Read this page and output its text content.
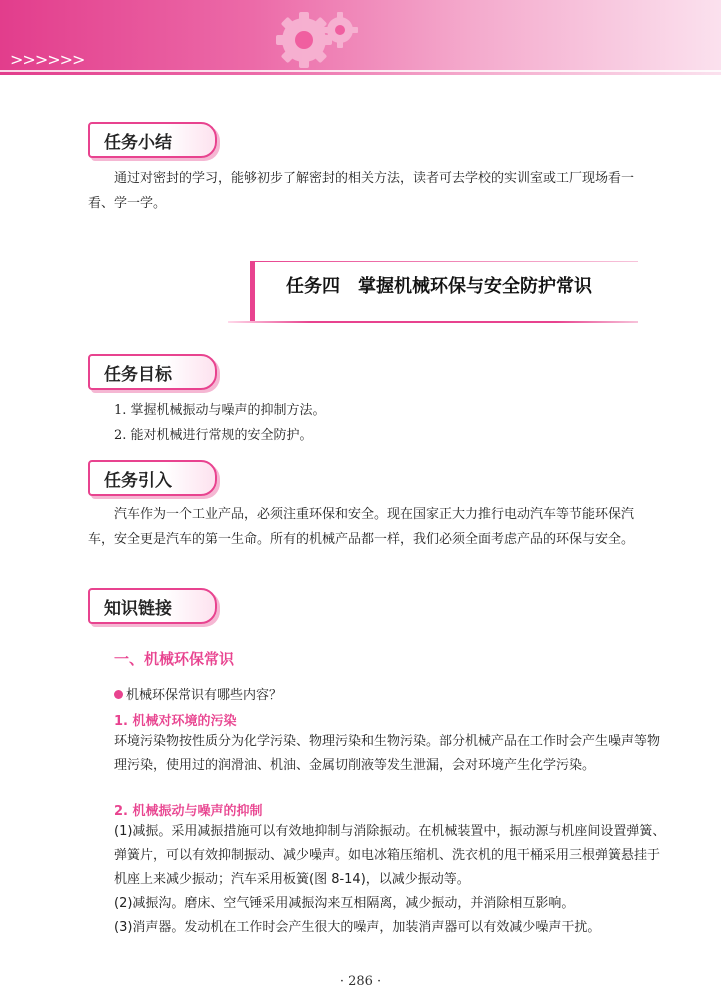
>>>>>>
任务小结

通过对密封的学习，能够初步了解密封的相关方法，读者可去学校的实训室或工厂现场看一看、学一学。

任务四　掌握机械环保与安全防护常识
任务目标

1. 掌握机械振动与噪声的抑制方法。

2. 能对机械进行常规的安全防护。

任务引入

汽车作为一个工业产品，必须注重环保和安全。现在国家正大力推行电动汽车等节能环保汽车，安全更是汽车的第一生命。所有的机械产品都一样，我们必须全面考虑产品的环保与安全。

知识链接
一、机械环保常识
机械环保常识有哪些内容？
1. 机械对环境的污染

环境污染物按性质分为化学污染、物理污染和生物污染。部分机械产品在工作时会产生噪声等物理污染，使用过的润滑油、机油、金属切削液等发生泄漏，会对环境产生化学污染。

2. 机械振动与噪声的抑制

(1)减振。采用减振措施可以有效地抑制与消除振动。在机械装置中，振动源与机座间设置弹簧、弹簧片，可以有效抑制振动、减少噪声。如电冰箱压缩机、洗衣机的甩干桶采用三根弹簧悬挂于机座上来减少振动；汽车采用板簧(图 8-14)，以减少振动等。

(2)减振沟。磨床、空气锤采用减振沟来互相隔离，减少振动，并消除相互影响。

(3)消声器。发动机在工作时会产生很大的噪声，加装消声器可以有效减少噪声干扰。

· 286 ·
